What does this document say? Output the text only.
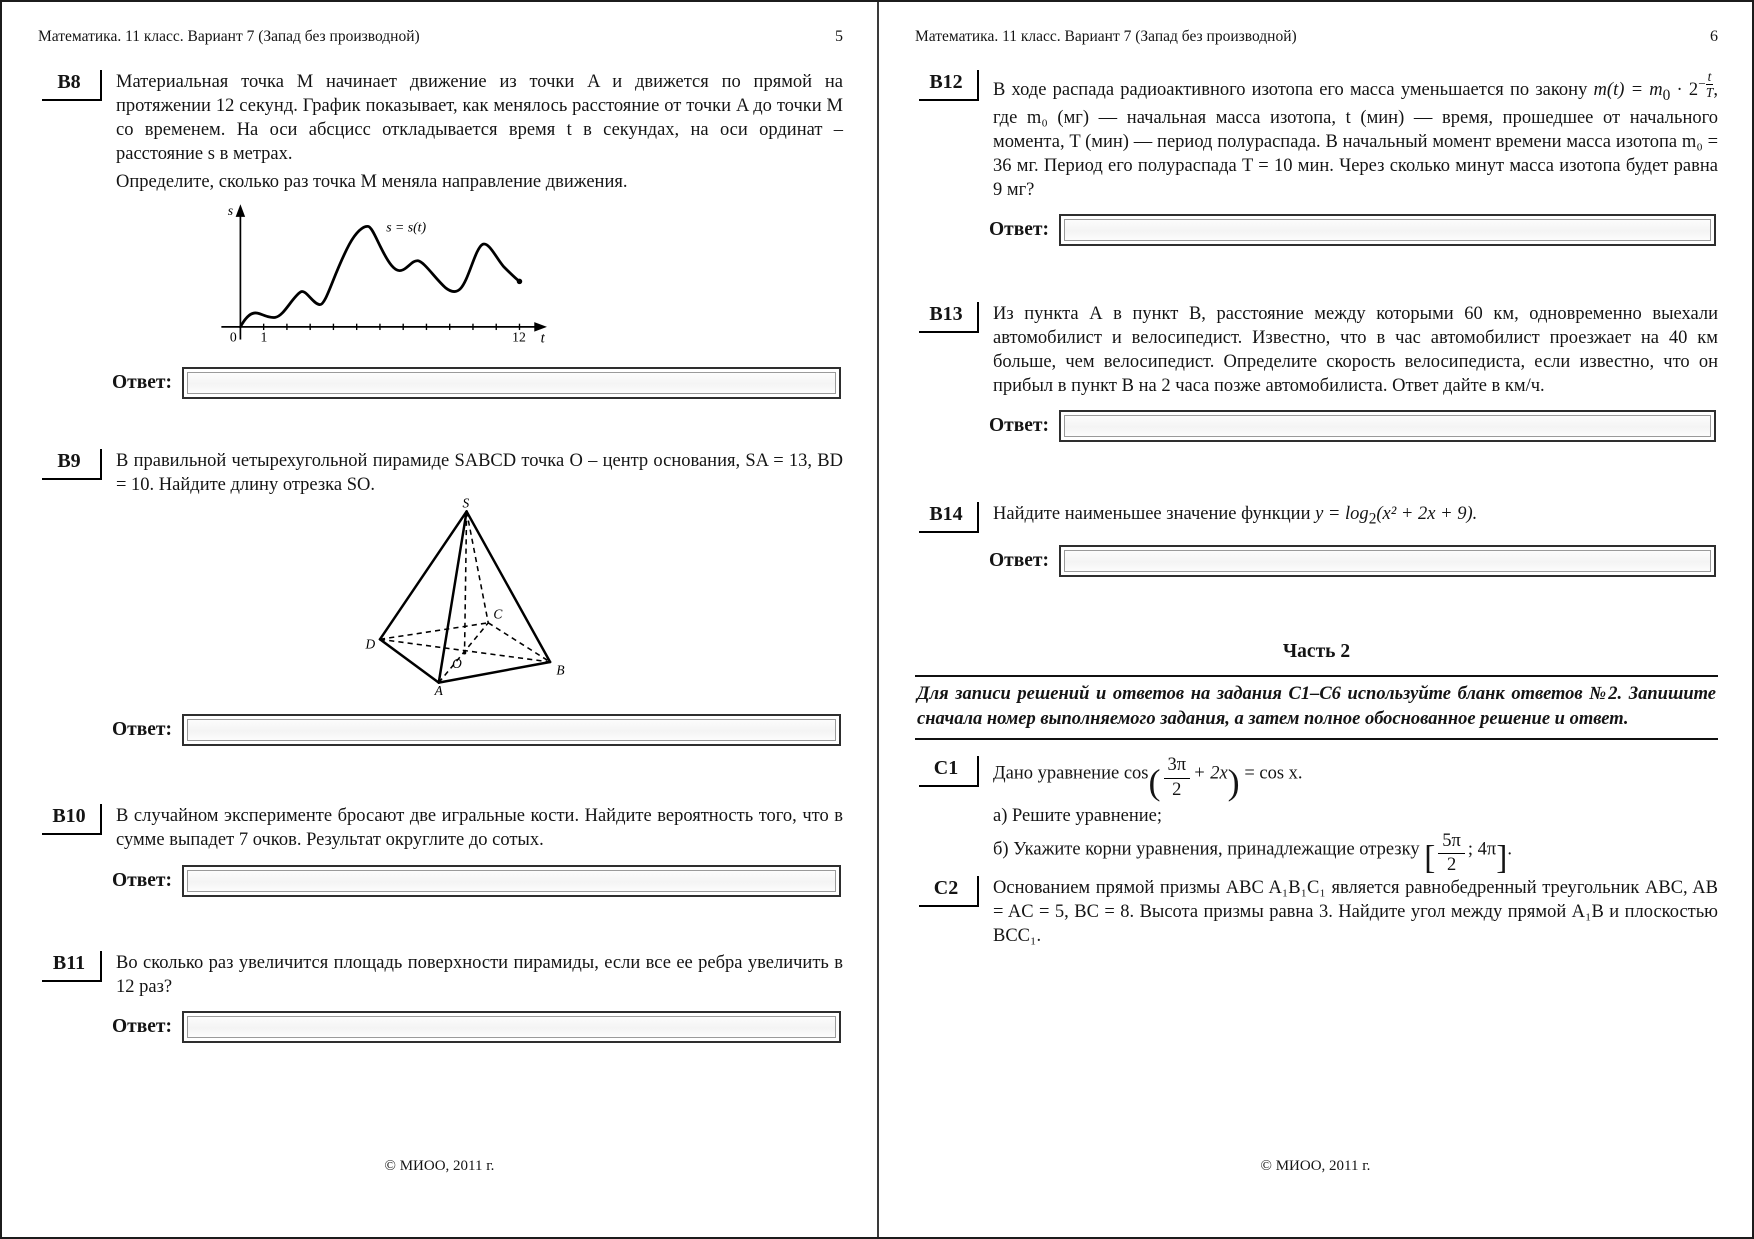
Математика. 11 класс. Вариант 7 (Запад без производной)	5
B8	Материальная точка M начинает движение из точки A и движется по прямой на протяжении 12 секунд. График показывает, как менялось расстояние от точки A до точки M со временем. На оси абсцисс откладывается время t в секундах, на оси ординат – расстояние s в метрах.

Определите, сколько раз точка M меняла направление движения.

s
t
0 1	12
s = s(t)
Ответ:
B9	В правильной четырехугольной пирамиде SABCD точка O – центр основания, SA = 13, BD = 10. Найдите длину отрезка SO.

S
D
A
B
C
O
Ответ:
B10	В случайном эксперименте бросают две игральные кости. Найдите вероятность того, что в сумме выпадет 7 очков. Результат округлите до сотых.

Ответ:
B11	Во сколько раз увеличится площадь поверхности пирамиды, если все ее ребра увеличить в 12 раз?

Ответ:
© МИОО, 2011 г.
Математика. 11 класс. Вариант 7 (Запад без производной)	6
B12	В ходе распада радиоактивного изотопа его масса уменьшается по закону $m(t) = m_0 \cdot 2- \frac{t}{T}$ , где m₀ (мг) — начальная масса изотопа, t (мин) — время, прошедшее от начального момента, T (мин) — период полураспада. В начальный момент времени масса изотопа m₀ = 36 мг. Период его полураспада T = 10 мин. Через сколько минут масса изотопа будет равна 9 мг?

Ответ:
B13	Из пункта А в пункт В, расстояние между которыми 60 км, одновременно выехали автомобилист и велосипедист. Известно, что в час автомобилист проезжает на 40 км больше, чем велосипедист. Определите скорость велосипедиста, если известно, что он прибыл в пункт В на 2 часа позже автомобилиста. Ответ дайте в км/ч.

Ответ:
B14	Найдите наименьшее значение функции $y = \log_2(x^2 + 2x + 9)$.

Ответ:
Часть 2
Для записи решений и ответов на задания С1–С6 используйте бланк ответов №2. Запишите сначала номер выполняемого задания, а затем полное обоснованное решение и ответ.
C1	Дано уравнение $\cos( \frac{3\pi}{2} + 2x) = \cos x$.

а) Решите уравнение;

б) Укажите корни уравнения, принадлежащие отрезку [ $\frac{5\pi}{2}$ ; 4π].

C2	Основанием прямой призмы ABC A₁B₁C₁ является равнобедренный треугольник ABC, AB = AC = 5, BC = 8. Высота призмы равна 3. Найдите угол между прямой A₁B и плоскостью BCC₁.

© МИОО, 2011 г.
